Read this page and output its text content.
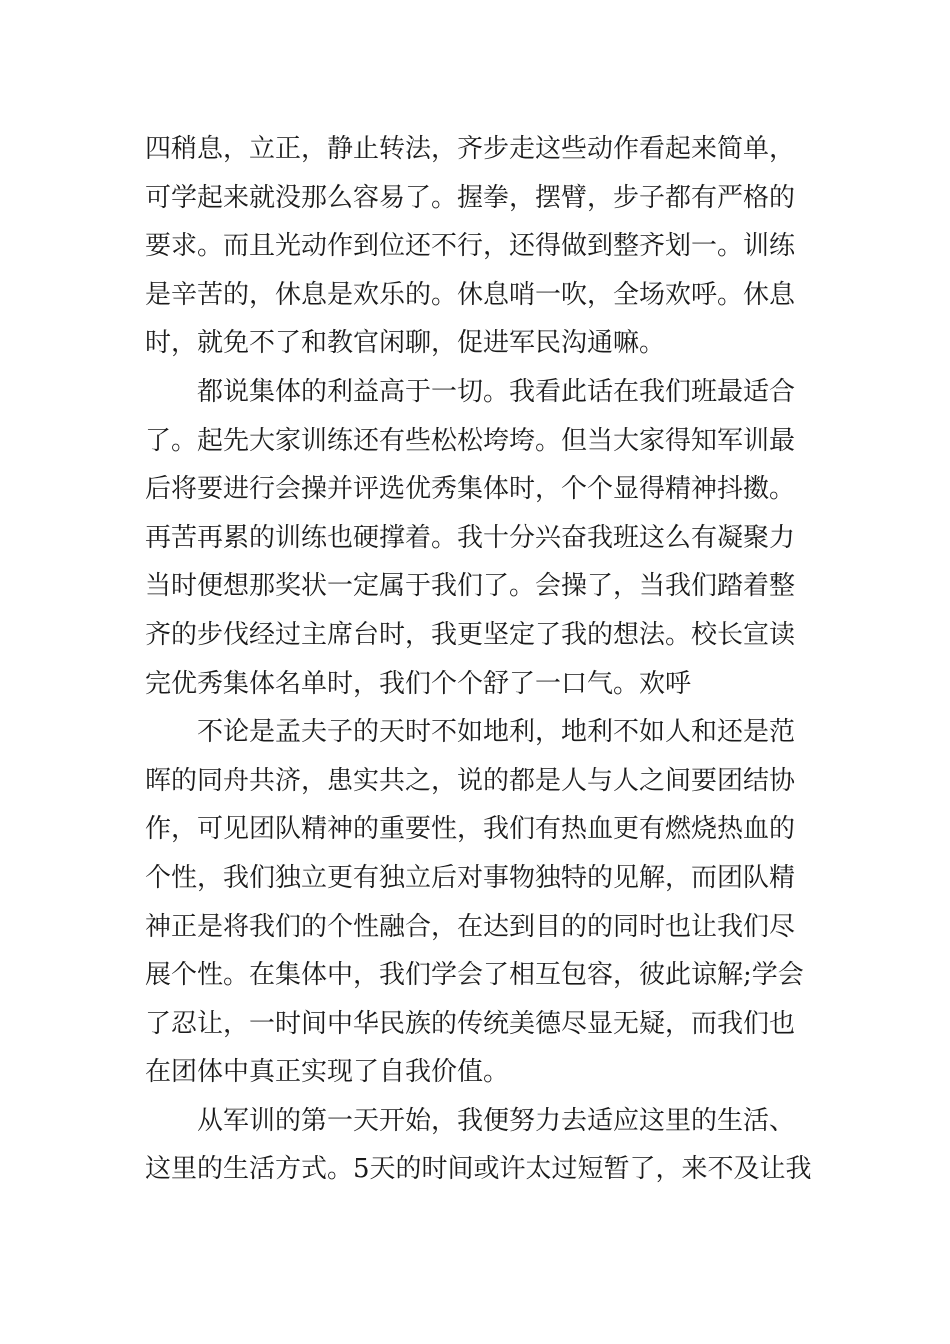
四稍息，立正，静止转法，齐步走这些动作看起来简单，
可学起来就没那么容易了。握拳，摆臂，步子都有严格的
要求。而且光动作到位还不行，还得做到整齐划一。训练
是辛苦的，休息是欢乐的。休息哨一吹，全场欢呼。休息
时，就免不了和教官闲聊，促进军民沟通嘛。
都说集体的利益高于一切。我看此话在我们班最适合
了。起先大家训练还有些松松垮垮。但当大家得知军训最
后将要进行会操并评选优秀集体时，个个显得精神抖擞。
再苦再累的训练也硬撑着。我十分兴奋我班这么有凝聚力
当时便想那奖状一定属于我们了。会操了，当我们踏着整
齐的步伐经过主席台时，我更坚定了我的想法。校长宣读
完优秀集体名单时，我们个个舒了一口气。欢呼
不论是孟夫子的天时不如地利，地利不如人和还是范
晖的同舟共济，患实共之，说的都是人与人之间要团结协
作，可见团队精神的重要性，我们有热血更有燃烧热血的
个性，我们独立更有独立后对事物独特的见解，而团队精
神正是将我们的个性融合，在达到目的的同时也让我们尽
展个性。在集体中，我们学会了相互包容，彼此谅解;学会
了忍让，一时间中华民族的传统美德尽显无疑，而我们也
在团体中真正实现了自我价值。
从军训的第一天开始，我便努力去适应这里的生活、
这里的生活方式。5天的时间或许太过短暂了，来不及让我
